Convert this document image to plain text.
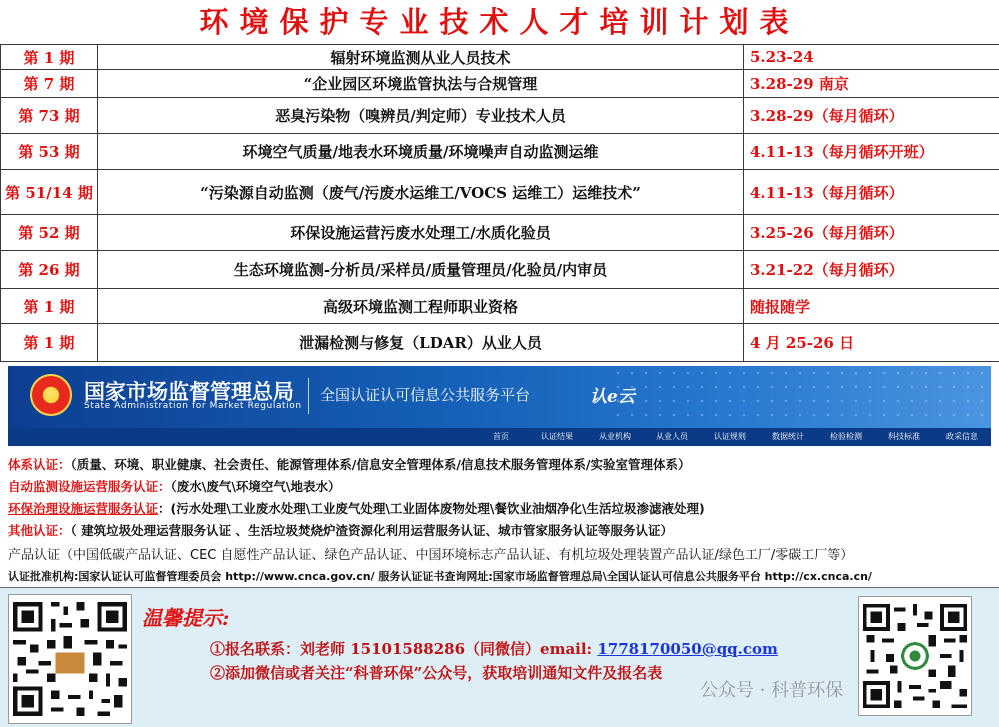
环境保护专业技术人才培训计划表
第 1 期	辐射环境监测从业人员技术	5.23-24
第 7 期	“企业园区环境监管执法与合规管理	3.28-29 南京
第 73 期	恶臭污染物（嗅辨员/判定师）专业技术人员	3.28-29（每月循环）
第 53 期	环境空气质量/地表水环境质量/环境噪声自动监测运维	4.11-13（每月循环开班）
第 51/14 期	“污染源自动监测（废气/污废水运维工/VOCS 运维工）运维技术”	4.11-13（每月循环）
第 52 期	环保设施运营污废水处理工/水质化验员	3.25-26（每月循环）
第 26 期	生态环境监测-分析员/采样员/质量管理员/化验员/内审员	3.21-22（每月循环）
第 1 期	高级环境监测工程师职业资格	随报随学
第 1 期	泄漏检测与修复（LDAR）从业人员	4 月 25-26 日
★	国家市场监督管理总局
State Administration for Market Regulation
全国认证认可信息公共服务平台	认e云
首页	认证结果	从业机构	从业人员	认证规则	数据统计	检验检测	科技标准	政采信息
体系认证：（质量、环境、职业健康、社会责任、能源管理体系/信息安全管理体系/信息技术服务管理体系/实验室管理体系）
自动监测设施运营服务认证：（废水\废气\环境空气\地表水）
环保治理设施运营服务认证：(污水处理\工业废水处理\工业废气处理\工业固体废物处理\餐饮业油烟净化\生活垃圾渗滤液处理)
其他认证：（ 建筑垃圾处理运营服务认证 、生活垃圾焚烧炉渣资源化利用运营服务认证、城市管家服务认证等服务认证）
产品认证（中国低碳产品认证、CEC 自愿性产品认证、绿色产品认证、中国环境标志产品认证、有机垃圾处理装置产品认证/绿色工厂/零碳工厂等）
认证批准机构:国家认证认可监督管理委员会 http://www.cnca.gov.cn/ 服务认证证书查询网址:国家市场监督管理总局\全国认证认可信息公共服务平台 http://cx.cnca.cn/
温馨提示:
①报名联系：刘老师 15101588286（同微信）email: 1778170050@qq.com
②添加微信或者关注“科普环保”公众号，获取培训通知文件及报名表
公众号 · 科普环保
